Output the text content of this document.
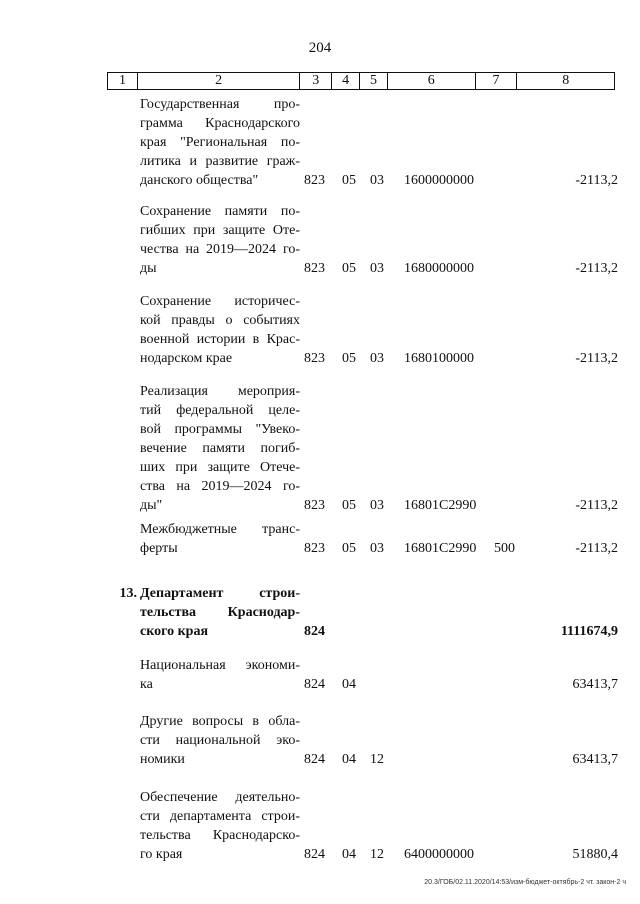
204
1	2	3	4	5	6	7	8
Государственная про-
грамма Краснодарского
края "Региональная по-
литика и развитие граж-
данского общества"	823 05 03 1600000000	-2113,2
Сохранение памяти по-
гибших при защите Оте-
чества на 2019—2024 го-
ды	823 05 03 1680000000	-2113,2
Сохранение историчес-
кой правды о событиях
военной истории в Крас-
нодарском крае	823 05 03 1680100000	-2113,2
Реализация мероприя-
тий федеральной целе-
вой программы "Увеко-
вечение памяти погиб-
ших при защите Отече-
ства на 2019—2024 го-
ды"	823 05 03 16801C2990	-2113,2
Межбюджетные транс-
ферты	823 05 03 16801C2990 500	-2113,2
13. Департамент строи-
тельства Краснодар-
ского края	824	1111674,9
Национальная экономи-
ка	824 04	63413,7
Другие вопросы в обла-
сти национальной эко-
номики	824 04 12	63413,7
Обеспечение деятельно-
сти департамента строи-
тельства Краснодарско-
го края	824 04 12 6400000000	51880,4
20.3/ГОБ/02.11.2020/14:53/изм-бюджет-октябрь-2 чт. закон-2 ч
